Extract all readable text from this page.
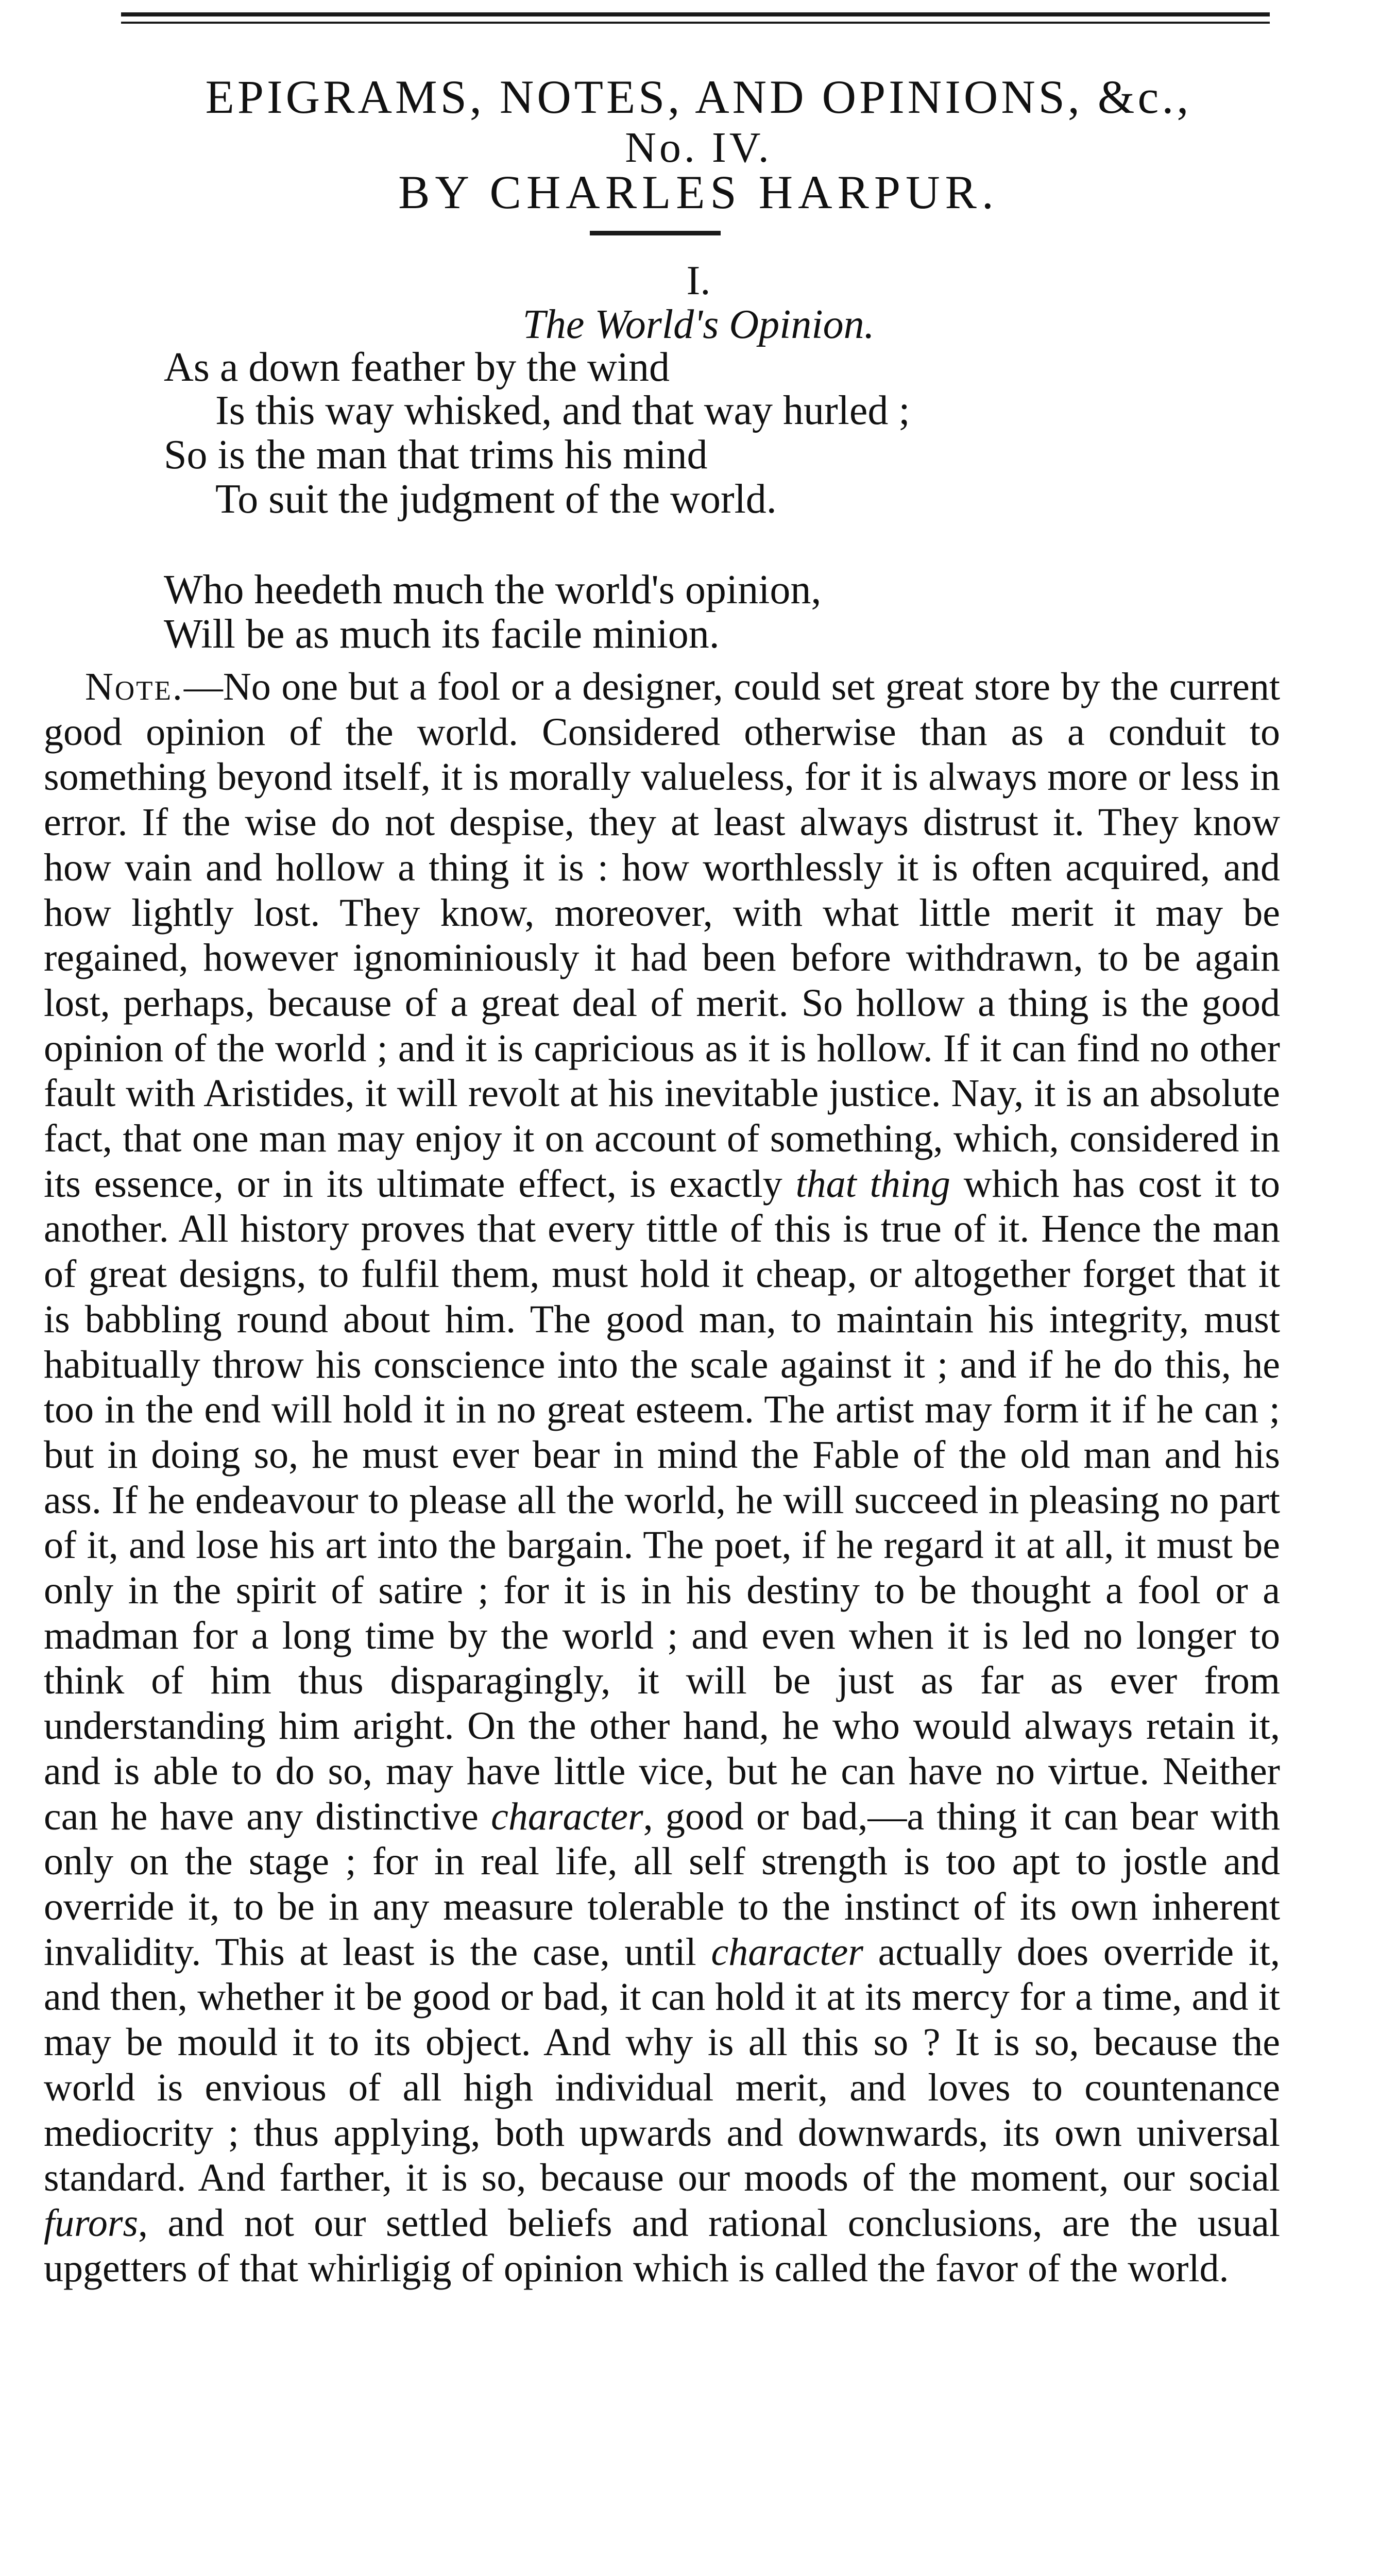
EPIGRAMS, NOTES, AND OPINIONS, &c.,
No. IV.
BY CHARLES HARPUR.
I.
The World's Opinion.
As a down feather by the wind
Is this way whisked, and that way hurled ;
So is the man that trims his mind
To suit the judgment of the world.
Who heedeth much the world's opinion,
Will be as much its facile minion.
Note.—No one but a fool or a designer, could set great store by the current good opinion of the world. Considered otherwise than as a conduit to something beyond itself, it is morally valueless, for it is always more or less in error. If the wise do not despise, they at least always distrust it. They know how vain and hollow a thing it is : how worthlessly it is often acquired, and how lightly lost. They know, moreover, with what little merit it may be regained, however ignominiously it had been before withdrawn, to be again lost, perhaps, because of a great deal of merit. So hollow a thing is the good opinion of the world ; and it is capricious as it is hollow. If it can find no other fault with Aristides, it will revolt at his inevitable justice. Nay, it is an absolute fact, that one man may enjoy it on account of something, which, considered in its essence, or in its ultimate effect, is exactly that thing which has cost it to another. All history proves that every tittle of this is true of it. Hence the man of great designs, to fulfil them, must hold it cheap, or altogether forget that it is babbling round about him. The good man, to maintain his integrity, must habitually throw his conscience into the scale against it ; and if he do this, he too in the end will hold it in no great esteem. The artist may form it if he can ; but in doing so, he must ever bear in mind the Fable of the old man and his ass. If he endeavour to please all the world, he will succeed in pleasing no part of it, and lose his art into the bargain. The poet, if he regard it at all, it must be only in the spirit of satire ; for it is in his destiny to be thought a fool or a madman for a long time by the world ; and even when it is led no longer to think of him thus disparagingly, it will be just as far as ever from understanding him aright. On the other hand, he who would always retain it, and is able to do so, may have little vice, but he can have no virtue. Neither can he have any distinctive character, good or bad,—a thing it can bear with only on the stage ; for in real life, all self strength is too apt to jostle and override it, to be in any measure tolerable to the instinct of its own inherent invalidity. This at least is the case, until character actually does override it, and then, whether it be good or bad, it can hold it at its mercy for a time, and it may be mould it to its object. And why is all this so ? It is so, because the world is envious of all high individual merit, and loves to countenance mediocrity ; thus applying, both upwards and downwards, its own universal standard. And farther, it is so, because our moods of the moment, our social furors, and not our settled beliefs and rational conclusions, are the usual upgetters of that whirligig of opinion which is called the favor of the world.
